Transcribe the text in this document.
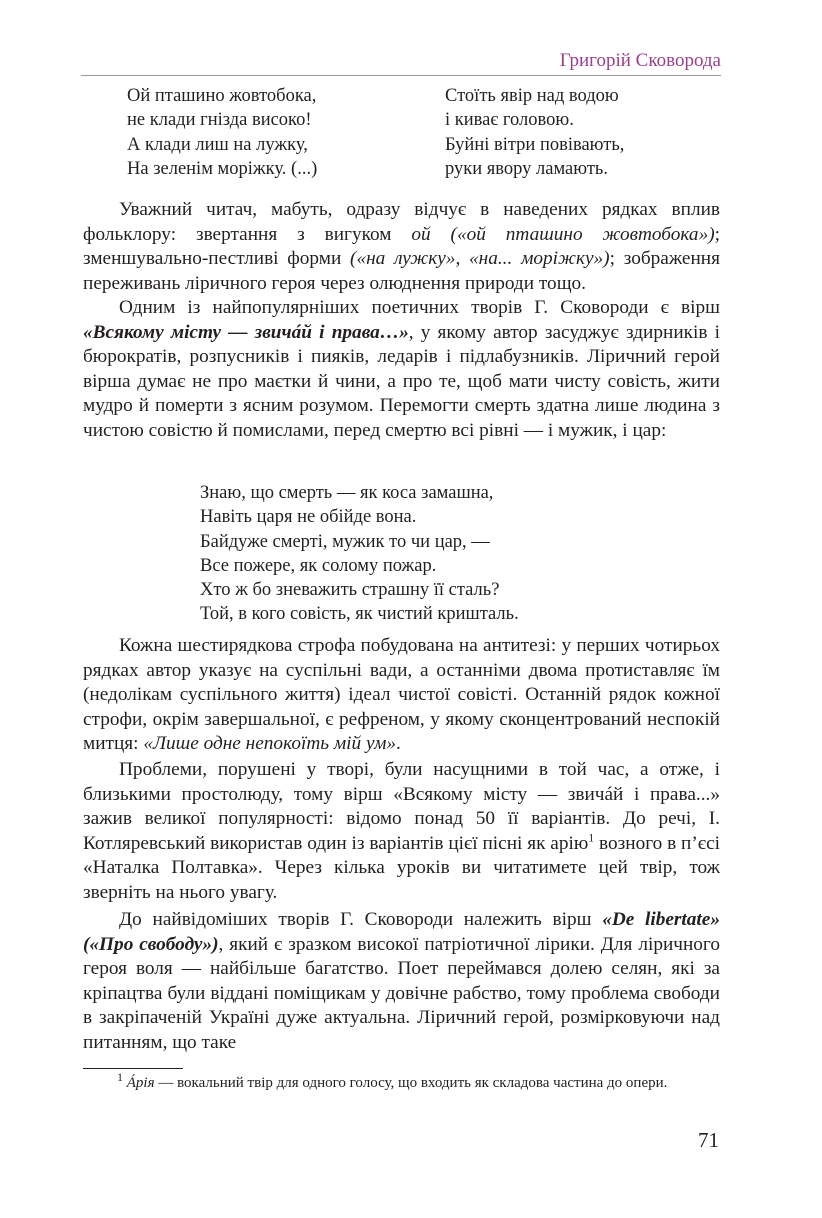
Григорій Сковорода
Ой пташино жовтобока,
не клади гнізда високо!
А клади лиш на лужку,
На зеленім моріжку. (...)
Стоїть явір над водою
і киває головою.
Буйні вітри повівають,
руки явору ламають.

Уважний читач, мабуть, одразу відчує в наведених рядках вплив фольклору: звертання з вигуком ой («ой пташино жовтобока»); зменшувально-пестливі форми («на лужку», «на... моріжку»); зображення переживань ліричного героя через олюднення природи тощо.

Одним із найпопулярніших поетичних творів Г. Сковороди є вірш «Всякому місту — звичáй і права…», у якому автор засуджує здирників і бюрократів, розпусників і пияків, ледарів і підлабузників. Ліричний герой вірша думає не про маєтки й чини, а про те, щоб мати чисту совість, жити мудро й померти з ясним розумом. Перемогти смерть здатна лише людина з чистою совістю й помислами, перед смертю всі рівні — і мужик, і цар:

Знаю, що смерть — як коса замашна,
Навіть царя не обійде вона.
Байдуже смерті, мужик то чи цар, —
Все пожере, як солому пожар.
Хто ж бо зневажить страшну її сталь?
Той, в кого совість, як чистий кришталь.

Кожна шестирядкова строфа побудована на антитезі: у перших чотирьох рядках автор указує на суспільні вади, а останніми двома протиставляє їм (недолікам суспільного життя) ідеал чистої совісті. Останній рядок кожної строфи, окрім завершальної, є рефреном, у якому сконцентрований неспокій митця: «Лише одне непокоїть мій ум».

Проблеми, порушені у творі, були насущними в той час, а отже, і близькими простолюду, тому вірш «Всякому місту — звичáй і права...» зажив великої популярності: відомо понад 50 її варіантів. До речі, І. Котляревський використав один із варіантів цієї пісні як арію$^1$ возного в п’єсі «Наталка Полтавка». Через кілька уроків ви читатимете цей твір, тож зверніть на нього увагу.

До найвідоміших творів Г. Сковороди належить вірш «De libertate» («Про свободу»), який є зразком високої патріотичної лірики. Для ліричного героя воля — найбільше багатство. Поет переймався долею селян, які за кріпацтва були віддані поміщикам у довічне рабство, тому проблема свободи в закріпаченій Україні дуже актуальна. Ліричний герой, розмірковуючи над питанням, що таке

$^1$ Áрія — вокальний твір для одного голосу, що входить як складова частина до опери.

71
